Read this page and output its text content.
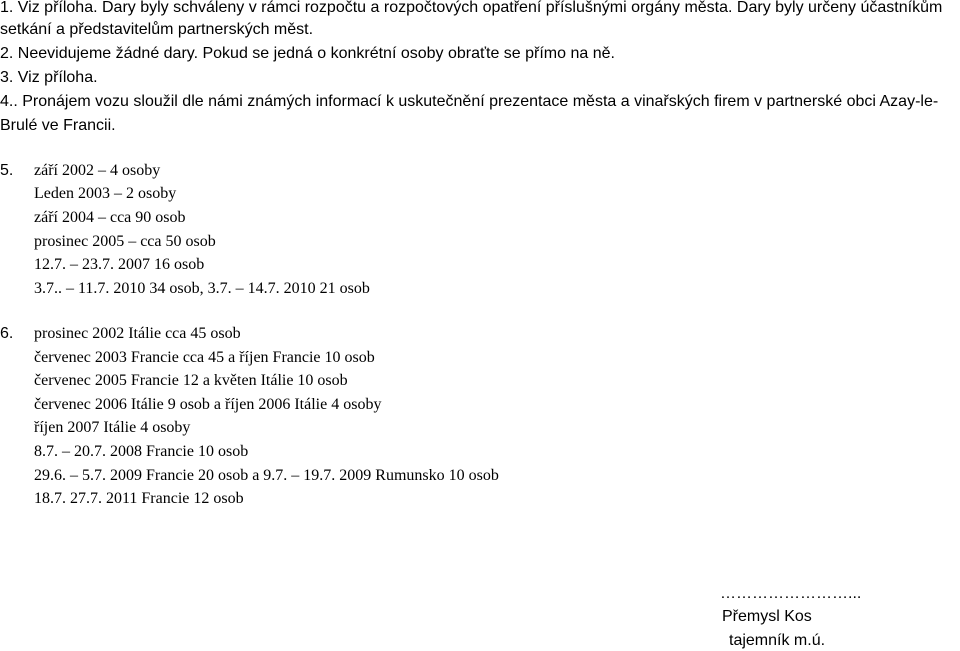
1. Viz příloha. Dary byly schváleny v rámci rozpočtu a rozpočtových opatření příslušnými orgány města. Dary byly určeny účastníkům
setkání a představitelům partnerských měst.
2. Neevidujeme žádné dary. Pokud se jedná o konkrétní osoby obraťte se přímo na ně.
3. Viz příloha.
4.. Pronájem vozu sloužil dle námi známých informací k uskutečnění prezentace města a vinařských firem v partnerské obci Azay-le-
Brulé ve Francii.
5. září 2002 – 4 osoby
Leden 2003 – 2 osoby
září 2004 – cca 90 osob
prosinec 2005 – cca 50 osob
12.7. – 23.7. 2007 16 osob
3.7.. – 11.7. 2010 34 osob, 3.7. – 14.7. 2010 21 osob
6. prosinec 2002 Itálie cca 45 osob
červenec 2003 Francie cca 45 a říjen Francie 10 osob
červenec 2005 Francie 12 a květen Itálie 10 osob
červenec 2006 Itálie 9 osob a říjen 2006 Itálie 4 osoby
říjen 2007 Itálie 4 osoby
8.7. – 20.7. 2008 Francie 10 osob
29.6. – 5.7. 2009 Francie 20 osob a 9.7. – 19.7. 2009 Rumunsko 10 osob
18.7. 27.7. 2011 Francie 12 osob
……………………...
Přemysl Kos
tajemník m.ú.
